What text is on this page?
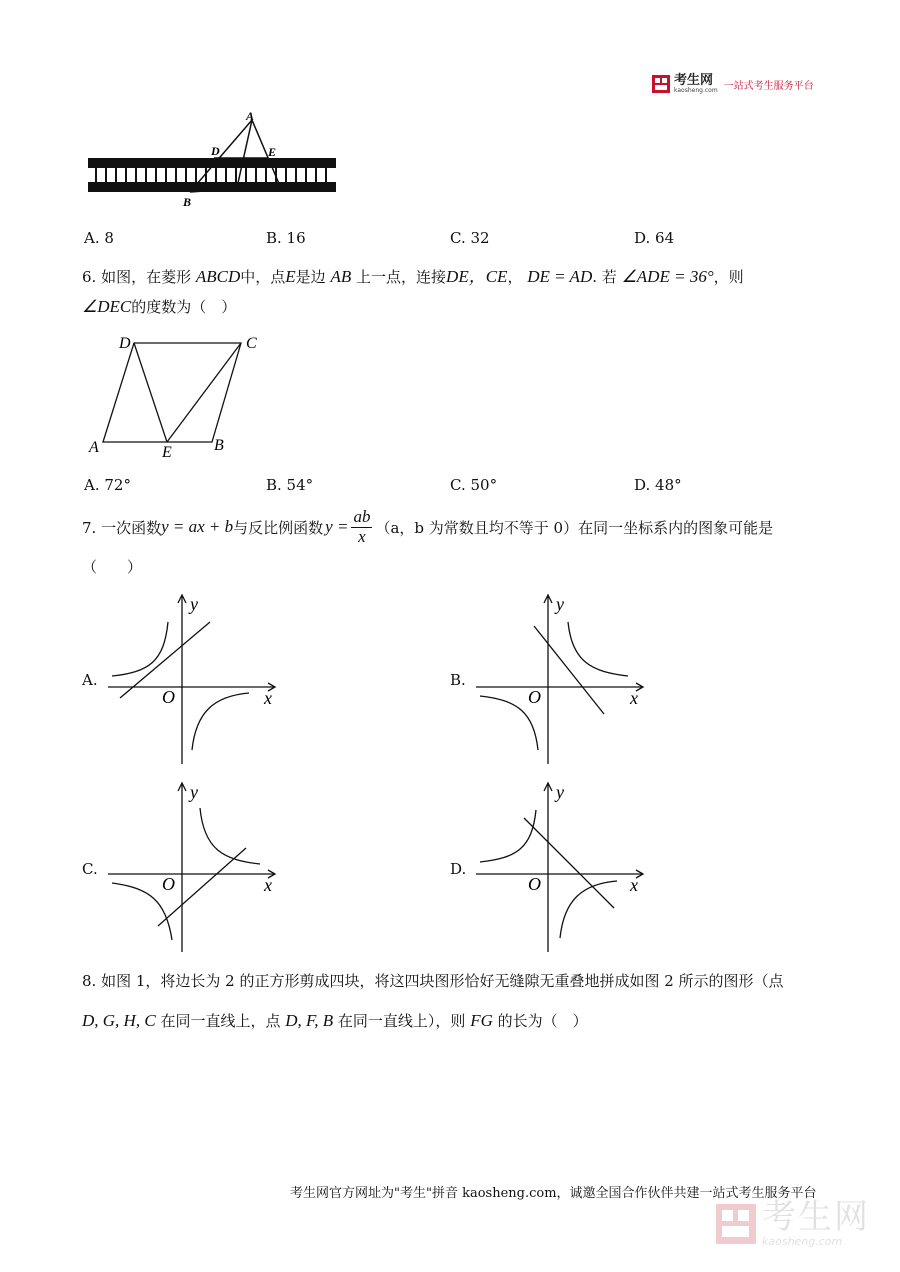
考生网
kaosheng.com 一站式考生服务平台
A
D	E
B
A. 8	B. 16	C. 32	D. 64
6. 如图，在菱形 ABCD中，点E是边 AB 上一点，连接DE，CE， DE = AD. 若 ∠ADE = 36°，则
∠DEC的度数为（　）
D	C
A	E	B
A. 72°	B. 54°	C. 50°	D. 48°
7. 一次函数 y = ax + b 与反比例函数 $y = \frac{ab}{x} (a$，b 为常数且均不等于 0）在同一坐标系内的图象可能是
（　　）
A.
y
x
O
B.
y
x
O
C.
y
x
O
D.
y
x
O
8. 如图 1，将边长为 2 的正方形剪成四块，将这四块图形恰好无缝隙无重叠地拼成如图 2 所示的图形（点
D, G, H, C 在同一直线上，点 D, F, B 在同一直线上），则 FG 的长为（　）
考生网官方网址为"考生"拼音 kaosheng.com，诚邀全国合作伙伴共建一站式考生服务平台
考生网
kaosheng.com
